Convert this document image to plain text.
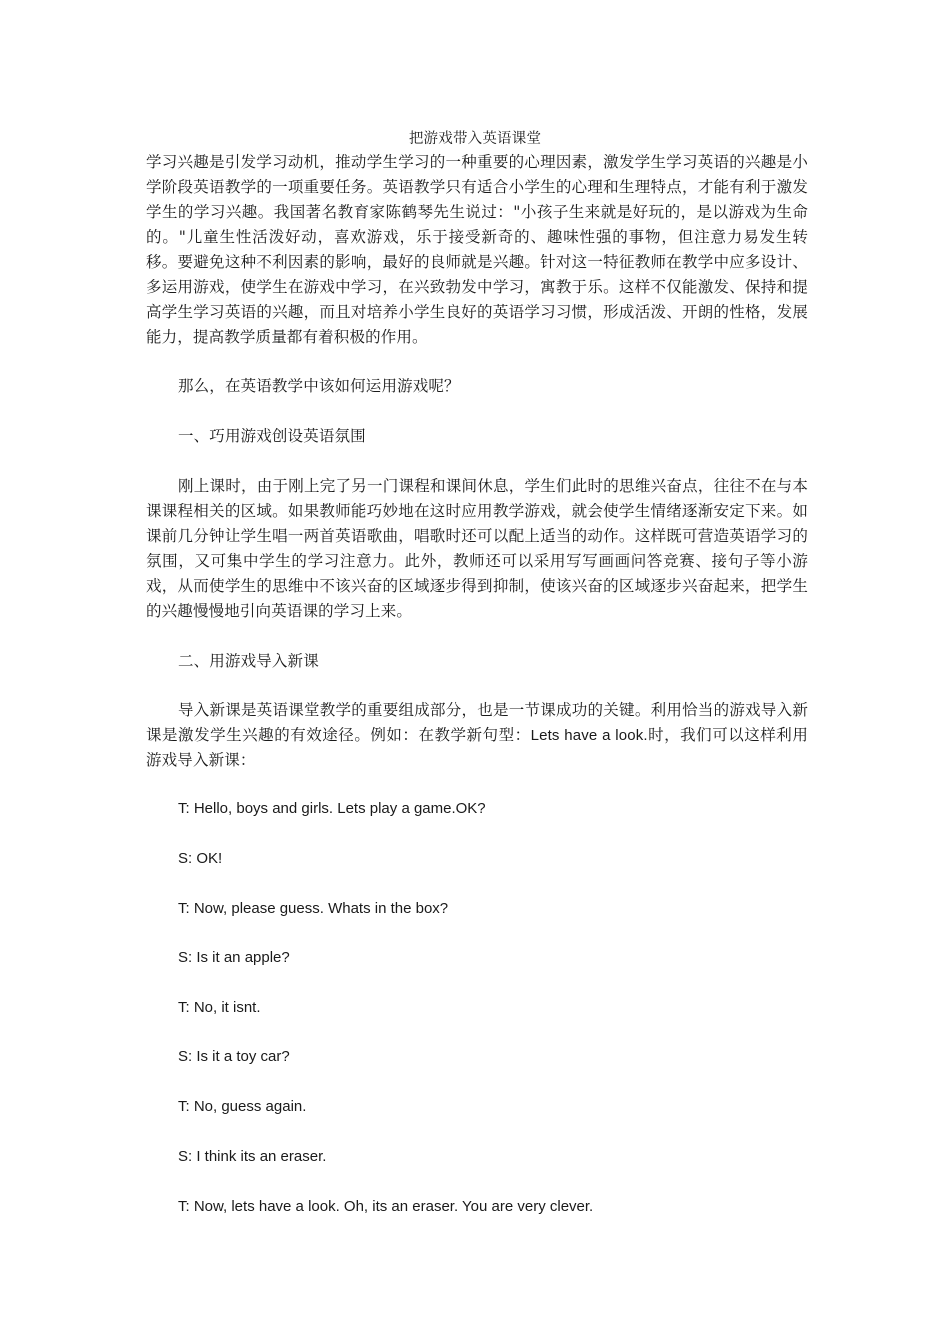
把游戏带入英语课堂

学习兴趣是引发学习动机，推动学生学习的一种重要的心理因素，激发学生学习英语的兴趣是小学阶段英语教学的一项重要任务。英语教学只有适合小学生的心理和生理特点，才能有利于激发学生的学习兴趣。我国著名教育家陈鹤琴先生说过："小孩子生来就是好玩的，是以游戏为生命的。"儿童生性活泼好动，喜欢游戏，乐于接受新奇的、趣味性强的事物，但注意力易发生转移。要避免这种不利因素的影响，最好的良师就是兴趣。针对这一特征教师在教学中应多设计、多运用游戏，使学生在游戏中学习，在兴致勃发中学习，寓教于乐。这样不仅能激发、保持和提高学生学习英语的兴趣，而且对培养小学生良好的英语学习习惯，形成活泼、开朗的性格，发展能力，提高教学质量都有着积极的作用。

那么，在英语教学中该如何运用游戏呢？

一、巧用游戏创设英语氛围

刚上课时，由于刚上完了另一门课程和课间休息，学生们此时的思维兴奋点，往往不在与本课课程相关的区域。如果教师能巧妙地在这时应用教学游戏，就会使学生情绪逐渐安定下来。如课前几分钟让学生唱一两首英语歌曲，唱歌时还可以配上适当的动作。这样既可营造英语学习的氛围，又可集中学生的学习注意力。此外，教师还可以采用写写画画问答竞赛、接句子等小游戏，从而使学生的思维中不该兴奋的区域逐步得到抑制，使该兴奋的区域逐步兴奋起来，把学生的兴趣慢慢地引向英语课的学习上来。

二、用游戏导入新课

导入新课是英语课堂教学的重要组成部分，也是一节课成功的关键。利用恰当的游戏导入新课是激发学生兴趣的有效途径。例如：在教学新句型：Lets have a look.时，我们可以这样利用游戏导入新课：

T: Hello, boys and girls. Lets play a game.OK?

S: OK!

T: Now, please guess. Whats in the box?

S: Is it an apple?

T: No, it isnt.

S: Is it a toy car?

T: No, guess again.

S: I think its an eraser.

T: Now, lets have a look. Oh, its an eraser. You are very clever.
